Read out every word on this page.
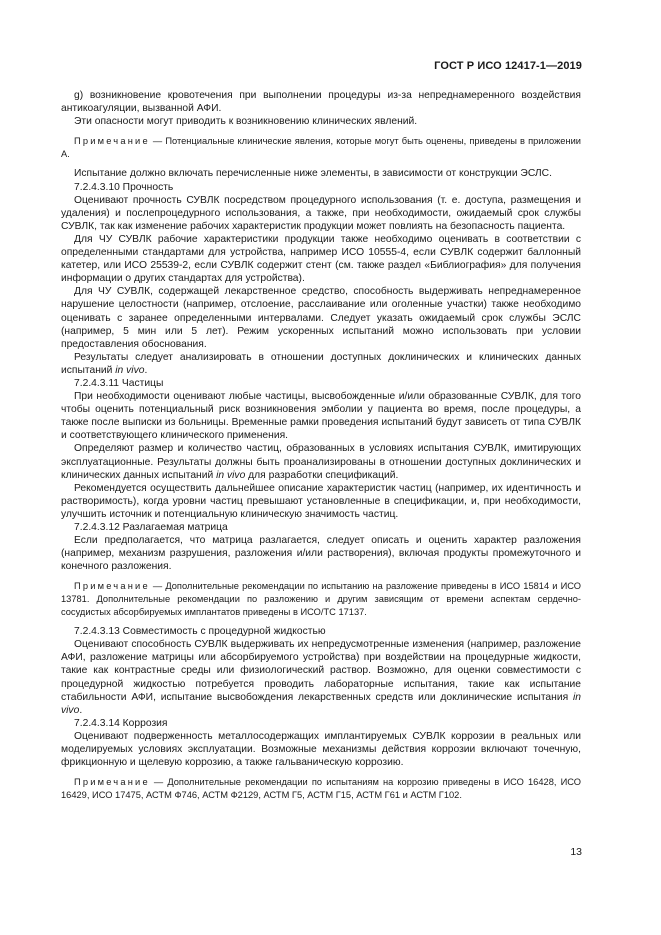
ГОСТ Р ИСО 12417-1—2019

g) возникновение кровотечения при выполнении процедуры из-за непреднамеренного воздействия антикоагуляции, вызванной АФИ.

Эти опасности могут приводить к возникновению клинических явлений.

Примечание — Потенциальные клинические явления, которые могут быть оценены, приведены в приложении А.

Испытание должно включать перечисленные ниже элементы, в зависимости от конструкции ЭСЛС.

7.2.4.3.10 Прочность

Оценивают прочность СУВЛК посредством процедурного использования (т. е. доступа, размещения и удаления) и послепроцедурного использования, а также, при необходимости, ожидаемый срок службы СУВЛК, так как изменение рабочих характеристик продукции может повлиять на безопасность пациента.

Для ЧУ СУВЛК рабочие характеристики продукции также необходимо оценивать в соответствии с определенными стандартами для устройства, например ИСО 10555-4, если СУВЛК содержит баллонный катетер, или ИСО 25539-2, если СУВЛК содержит стент (см. также раздел «Библиография» для получения информации о других стандартах для устройства).

Для ЧУ СУВЛК, содержащей лекарственное средство, способность выдерживать непреднамеренное нарушение целостности (например, отслоение, расслаивание или оголенные участки) также необходимо оценивать с заранее определенными интервалами. Следует указать ожидаемый срок службы ЭСЛС (например, 5 мин или 5 лет). Режим ускоренных испытаний можно использовать при условии предоставления обоснования.

Результаты следует анализировать в отношении доступных доклинических и клинических данных испытаний in vivo.

7.2.4.3.11 Частицы

При необходимости оценивают любые частицы, высвобожденные и/или образованные СУВЛК, для того чтобы оценить потенциальный риск возникновения эмболии у пациента во время, после процедуры, а также после выписки из больницы. Временные рамки проведения испытаний будут зависеть от типа СУВЛК и соответствующего клинического применения.

Определяют размер и количество частиц, образованных в условиях испытания СУВЛК, имитирующих эксплуатационные. Результаты должны быть проанализированы в отношении доступных доклинических и клинических данных испытаний in vivo для разработки спецификаций.

Рекомендуется осуществить дальнейшее описание характеристик частиц (например, их идентичность и растворимость), когда уровни частиц превышают установленные в спецификации, и, при необходимости, улучшить источник и потенциальную клиническую значимость частиц.

7.2.4.3.12 Разлагаемая матрица

Если предполагается, что матрица разлагается, следует описать и оценить характер разложения (например, механизм разрушения, разложения и/или растворения), включая продукты промежуточного и конечного разложения.

Примечание — Дополнительные рекомендации по испытанию на разложение приведены в ИСО 15814 и ИСО 13781. Дополнительные рекомендации по разложению и другим зависящим от времени аспектам сердечно-сосудистых абсорбируемых имплантатов приведены в ИСО/ТС 17137.

7.2.4.3.13 Совместимость с процедурной жидкостью

Оценивают способность СУВЛК выдерживать их непредусмотренные изменения (например, разложение АФИ, разложение матрицы или абсорбируемого устройства) при воздействии на процедурные жидкости, такие как контрастные среды или физиологический раствор. Возможно, для оценки совместимости с процедурной жидкостью потребуется проводить лабораторные испытания, такие как испытание стабильности АФИ, испытание высвобождения лекарственных средств или доклинические испытания in vivo.

7.2.4.3.14 Коррозия

Оценивают подверженность металлосодержащих имплантируемых СУВЛК коррозии в реальных или моделируемых условиях эксплуатации. Возможные механизмы действия коррозии включают точечную, фрикционную и щелевую коррозию, а также гальваническую коррозию.

Примечание — Дополнительные рекомендации по испытаниям на коррозию приведены в ИСО 16428, ИСО 16429, ИСО 17475, АСТМ Ф746, АСТМ Ф2129, АСТМ Г5, АСТМ Г15, АСТМ Г61 и АСТМ Г102.

13
